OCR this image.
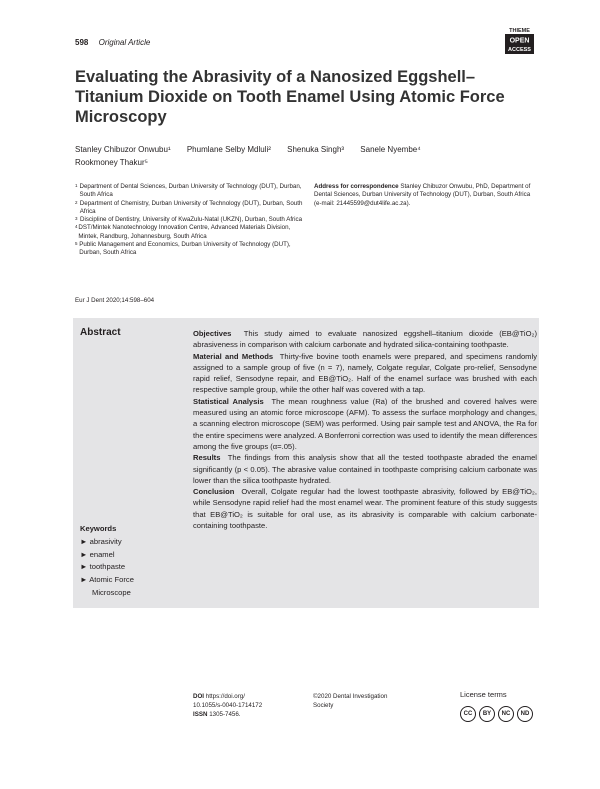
598 Original Article
THIEME
OPEN
ACCESS
Evaluating the Abrasivity of a Nanosized Eggshell–Titanium Dioxide on Tooth Enamel Using Atomic Force Microscopy
Stanley Chibuzor Onwubu¹ Phumlane Selby Mdluli² Shenuka Singh³ Sanele Nyembe⁴
Rookmoney Thakur⁵
1 Department of Dental Sciences, Durban University of Technology (DUT), Durban, South Africa
2 Department of Chemistry, Durban University of Technology (DUT), Durban, South Africa
3 Discipline of Dentistry, University of KwaZulu-Natal (UKZN), Durban, South Africa
4 DST/Mintek Nanotechnology Innovation Centre, Advanced Materials Division, Mintek, Randburg, Johannesburg, South Africa
5 Public Management and Economics, Durban University of Technology (DUT), Durban, South Africa
Address for correspondence Stanley Chibuzor Onwubu, PhD, Department of Dental Sciences, Durban University of Technology (DUT), Durban, South Africa (e-mail: 21445599@dut4life.ac.za).
Eur J Dent 2020;14:598–604
Abstract
Keywords
► abrasivity
► enamel
► toothpaste
► Atomic Force
Microscope

Objectives This study aimed to evaluate nanosized eggshell–titanium dioxide (EB@TiO₂) abrasiveness in comparison with calcium carbonate and hydrated silica-containing toothpaste.

Material and Methods Thirty-five bovine tooth enamels were prepared, and specimens randomly assigned to a sample group of five (n = 7), namely, Colgate regular, Colgate pro-relief, Sensodyne rapid relief, Sensodyne repair, and EB@TiO₂. Half of the enamel surface was brushed with each respective sample group, while the other half was covered with a tap.

Statistical Analysis The mean roughness value (Ra) of the brushed and covered halves were measured using an atomic force microscope (AFM). To assess the surface morphology and changes, a scanning electron microscope (SEM) was performed. Using pair sample test and ANOVA, the Ra for the entire specimens were analyzed. A Bonferroni correction was used to identify the mean differences among the five groups (α=.05).

Results The findings from this analysis show that all the tested toothpaste abraded the enamel significantly (p < 0.05). The abrasive value contained in toothpaste comprising calcium carbonate was lower than the silica toothpaste hydrated.

Conclusion Overall, Colgate regular had the lowest toothpaste abrasivity, followed by EB@TiO₂, while Sensodyne rapid relief had the most enamel wear. The prominent feature of this study suggests that EB@TiO₂ is suitable for oral use, as its abrasivity is comparable with calcium carbonate-containing toothpaste.

DOI https://doi.org/
10.1055/s-0040-1714172
ISSN 1305-7456.
©2020 Dental Investigation
Society
License terms
CC	BY	NC	ND
